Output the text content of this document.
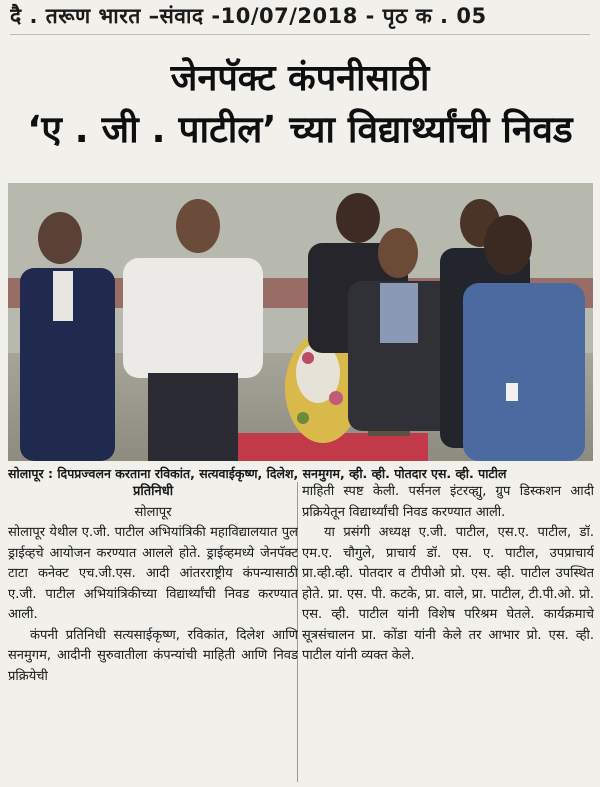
दै . तरूण भारत –संवाद -10/07/2018 - पृठ क . 05
जेनपॅक्ट कंपनीसाठी
‘ए . जी . पाटील’ च्या विद्यार्थ्यांची निवड
सोलापूर : दिपप्रज्वलन करताना रविकांत, सत्यवाईकृष्ण, दिलेश, सनमुगम, व्ही. व्ही. पोतदार एस. व्ही. पाटील
प्रतिनिधी
सोलापूर

सोलापूर येथील ए.जी. पाटील अभियांत्रिकी महाविद्यालयात पुल ड्राईव्हचे आयोजन करण्यात आलले होते. ड्राईव्हमध्ये जेनपॅक्ट टाटा कनेक्ट एच.जी.एस. आदी आंतरराष्ट्रीय कंपन्यासाठी ए.जी. पाटील अभियांत्रिकीच्या विद्यार्थ्यांची निवड करण्यात आली.

कंपनी प्रतिनिधी सत्यसाईकृष्ण, रविकांत, दिलेश आणि सनमुगम, आदीनी सुरुवातीला कंपन्यांची माहिती आणि निवड प्रक्रियेची

माहिती स्पष्ट केली. पर्सनल इंटरव्ह्यु, ग्रुप डिस्कशन आदी प्रक्रियेतून विद्यार्थ्यांची निवड करण्यात आली.

या प्रसंगी अध्यक्ष ए.जी. पाटील, एस.ए. पाटील, डॉ. एम.ए. चौगुले, प्राचार्य डॉ. एस. ए. पाटील, उपप्राचार्य प्रा.व्ही.व्ही. पोतदार व टीपीओ प्रो. एस. व्ही. पाटील उपस्थित होते. प्रा. एस. पी. कटके, प्रा. वाले, प्रा. पाटील, टी.पी.ओ. प्रो. एस. व्ही. पाटील यांनी विशेष परिश्रम घेतले. कार्यक्रमाचे सूत्रसंचालन प्रा. कोंडा यांनी केले तर आभार प्रो. एस. व्ही. पाटील यांनी व्यक्त केले.
